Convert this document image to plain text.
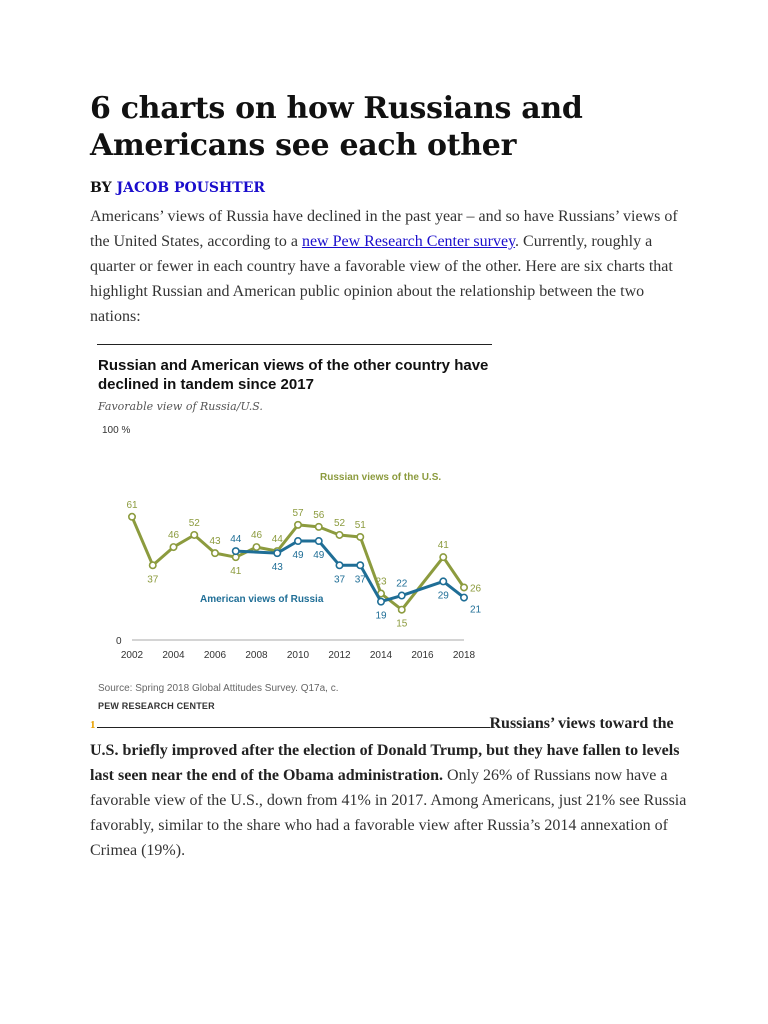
6 charts on how Russians and Americans see each other
BY JACOB POUSHTER

Americans’ views of Russia have declined in the past year – and so have Russians’ views of the United States, according to a new Pew Research Center survey. Currently, roughly a quarter or fewer in each country have a favorable view of the other. Here are six charts that highlight Russian and American public opinion about the relationship between the two nations:

Russian and American views of the other country have declined in tandem since 2017

Favorable view of Russia/U.S.
100 %
0
2002 2004 2006 2008 2010 2012 2014 2016 2018
61
37
46
52
43
41
46 44
57 56
52 51
23
15
41
26
44
43
49 49
37 37
19
22
29
21
Russian views of the U.S.
American views of Russia
Source: Spring 2018 Global Attitudes Survey. Q17a, c.
PEW RESEARCH CENTER

1	Russians’ views toward the U.S. briefly improved after the election of Donald Trump, but they have fallen to levels last seen near the end of the Obama administration. Only 26% of Russians now have a favorable view of the U.S., down from 41% in 2017. Among Americans, just 21% see Russia favorably, similar to the share who had a favorable view after Russia’s 2014 annexation of Crimea (19%).
